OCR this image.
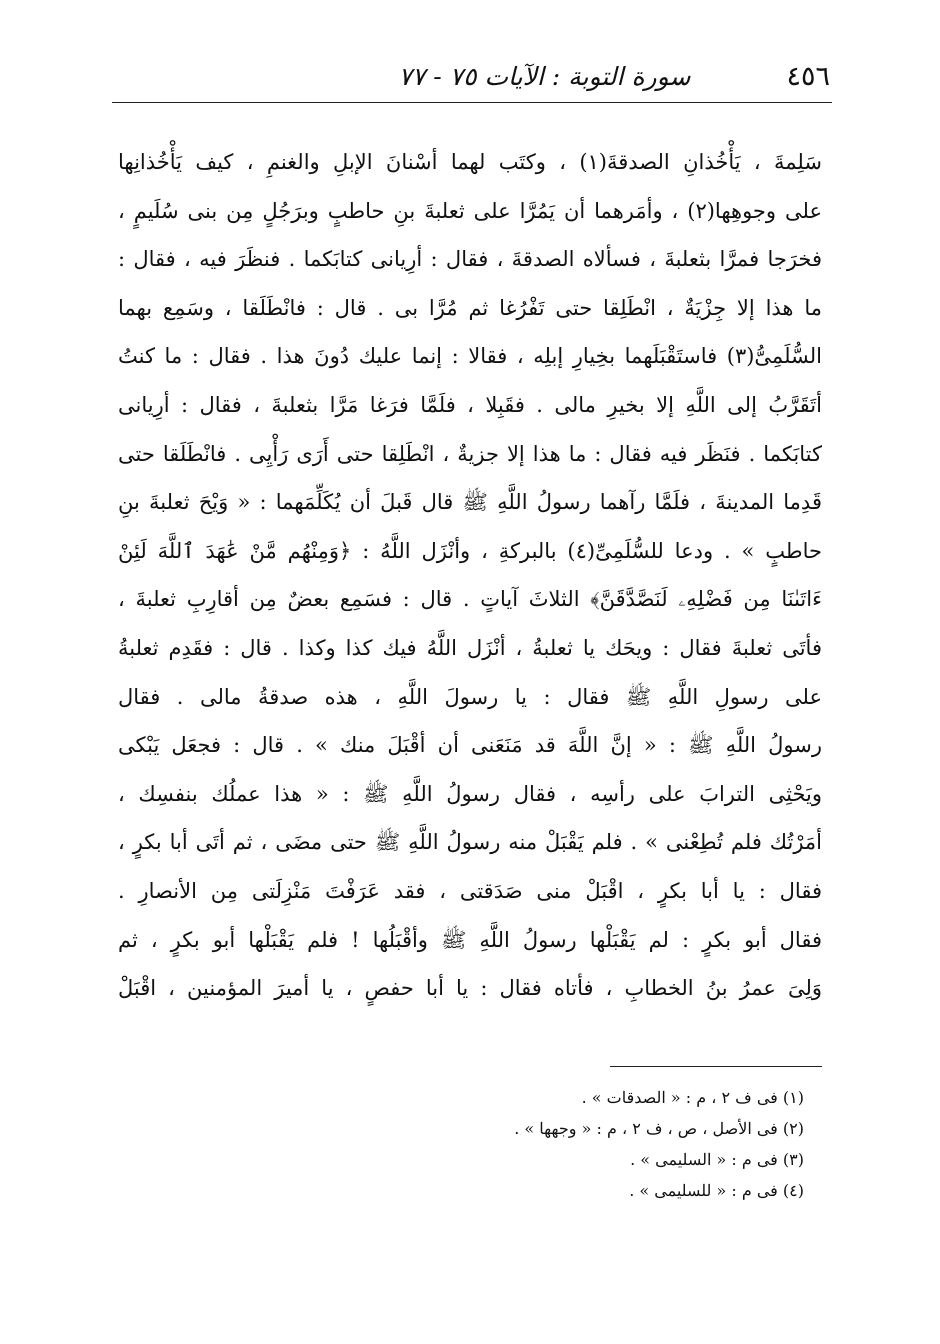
٤٥٦
سورة التوبة : الآيات ٧٥ - ٧٧
سَلِمةَ ، يَأْخُذانِ الصدقةَ(١) ، وكتَب لهما أسْنانَ الإبلِ والغنمِ ، كيف يَأْخُذانِها
على وجوهِها(٢) ، وأمَرهما أن يَمُرَّا على ثعلبةَ بنِ حاطبٍ وبرَجُلٍ مِن بنى سُلَيمٍ ،
فخرَجا فمرَّا بثعلبةَ ، فسألاه الصدقةَ ، فقال : أرِيانى كتابَكما . فنظَرَ فيه ، فقال :
ما هذا إلا جِزْيَةٌ ، انْطَلِقا حتى تَفْرُغا ثم مُرَّا بى . قال : فانْطَلَقا ، وسَمِع بهما
السُّلَمِىُّ(٣) فاستَقْبَلَهما بخِيارِ إبلِه ، فقالا : إنما عليك دُونَ هذا . فقال : ما كنتُ
أتَقَرَّبُ إلى اللَّهِ إلا بخيرِ مالى . فقَبِلا ، فلَمَّا فرَغا مَرَّا بثعلبةَ ، فقال : أرِيانى
كتابَكما . فنَظَر فيه فقال : ما هذا إلا جزيةٌ ، انْطَلِقا حتى أَرَى رَأْيِى . فانْطَلَقا حتى
قَدِما المدينةَ ، فلَمَّا رآهما رسولُ اللَّهِ ﷺ قال قَبلَ أن يُكَلِّمَهما : « وَيْحَ ثعلبةَ بنِ
حاطبٍ » . ودعا للسُّلَمِىِّ(٤) بالبركةِ ، وأنْزَل اللَّهُ : ﴿وَمِنْهُم مَّنْ عَٰهَدَ ٱللَّهَ لَئِنْ
ءَاتَىٰنَا مِن فَضْلِهِۦ لَنَصَّدَّقَنَّ﴾ الثلاثَ آياتٍ . قال : فسَمِع بعضٌ مِن أقارِبِ ثعلبةَ ،
فأتَى ثعلبةَ فقال : ويحَك يا ثعلبةُ ، أنْزَل اللَّهُ فيك كذا وكذا . قال : فقَدِم ثعلبةُ
على رسولِ اللَّهِ ﷺ فقال : يا رسولَ اللَّهِ ، هذه صدقةُ مالى . فقال
رسولُ اللَّهِ ﷺ : « إنَّ اللَّهَ قد مَنَعَنى أن أقْبَلَ منك » . قال : فجعَل يَبْكى
ويَحْثِى الترابَ على رأسِه ، فقال رسولُ اللَّهِ ﷺ : « هذا عملُك بنفسِك ،
أمَرْتُك فلم تُطِعْنى » . فلم يَقْبَلْ منه رسولُ اللَّهِ ﷺ حتى مضَى ، ثم أتَى أبا بكرٍ ،
فقال : يا أبا بكرٍ ، اقْبَلْ منى صَدَقتى ، فقد عَرَفْتَ مَنْزِلَتى مِن الأنصارِ .
فقال أبو بكرٍ : لم يَقْبَلْها رسولُ اللَّهِ ﷺ وأقْبَلُها ! فلم يَقْبَلْها أبو بكرٍ ، ثم
وَلِىَ عمرُ بنُ الخطابِ ، فأتاه فقال : يا أبا حفصٍ ، يا أميرَ المؤمنين ، اقْبَلْ
(١) فى ف ٢ ، م : « الصدقات » .
(٢) فى الأصل ، ص ، ف ٢ ، م : « وجهها » .
(٣) فى م : « السليمى » .
(٤) فى م : « للسليمى » .
